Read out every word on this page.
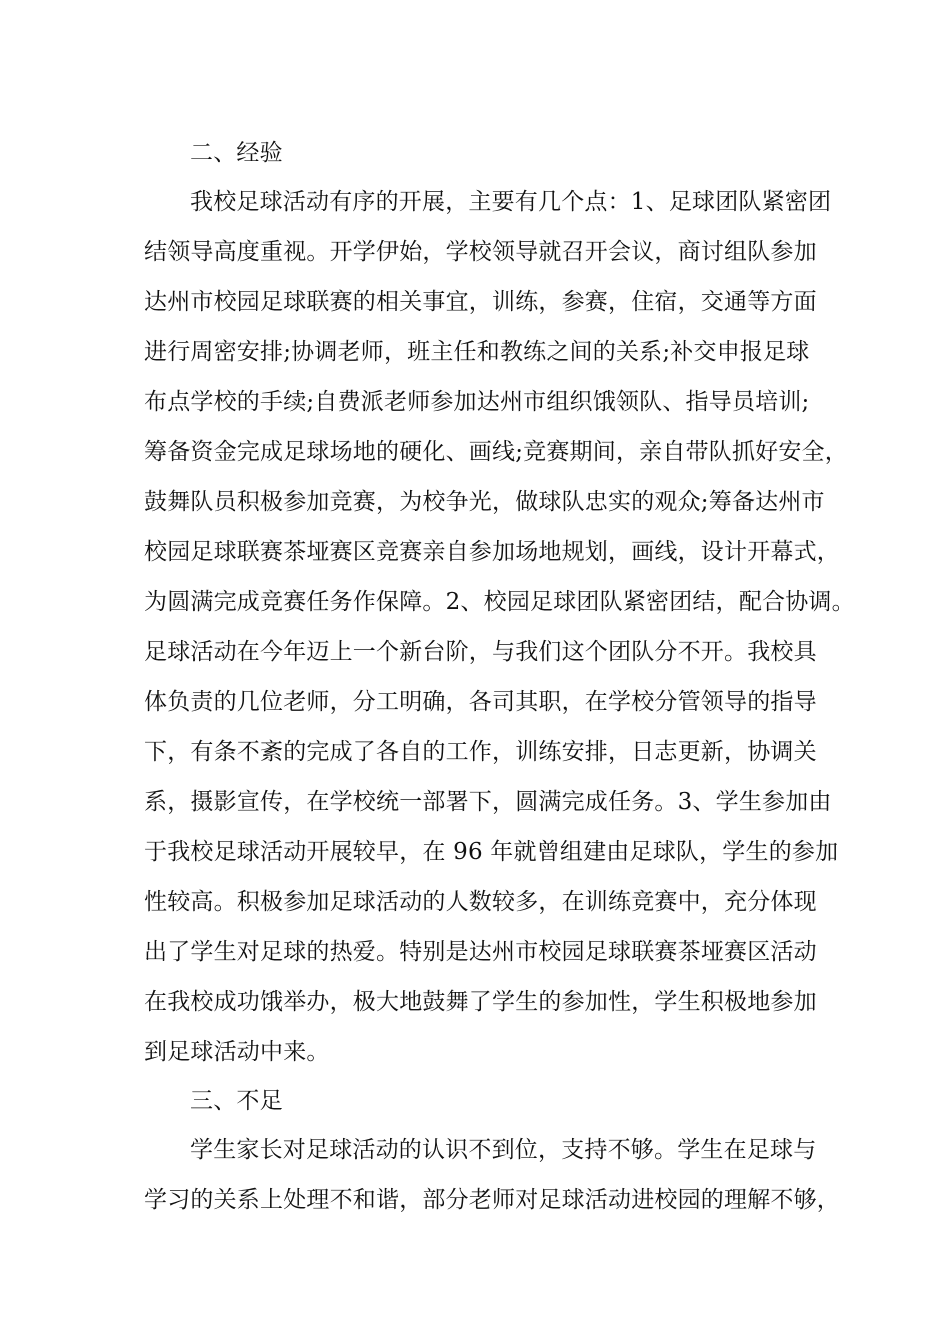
二、经验
我校足球活动有序的开展，主要有几个点：1、足球团队紧密团
结领导高度重视。开学伊始，学校领导就召开会议，商讨组队参加
达州市校园足球联赛的相关事宜，训练，参赛，住宿，交通等方面
进行周密安排;协调老师，班主任和教练之间的关系;补交申报足球
布点学校的手续;自费派老师参加达州市组织饿领队、指导员培训;
筹备资金完成足球场地的硬化、画线;竞赛期间，亲自带队抓好安全，
鼓舞队员积极参加竞赛，为校争光，做球队忠实的观众;筹备达州市
校园足球联赛茶垭赛区竞赛亲自参加场地规划，画线，设计开幕式，
为圆满完成竞赛任务作保障。2、校园足球团队紧密团结，配合协调。
足球活动在今年迈上一个新台阶，与我们这个团队分不开。我校具
体负责的几位老师，分工明确，各司其职，在学校分管领导的指导
下，有条不紊的完成了各自的工作，训练安排，日志更新，协调关
系，摄影宣传，在学校统一部署下，圆满完成任务。3、学生参加由
于我校足球活动开展较早，在 96 年就曾组建由足球队，学生的参加
性较高。积极参加足球活动的人数较多，在训练竞赛中，充分体现
出了学生对足球的热爱。特别是达州市校园足球联赛茶垭赛区活动
在我校成功饿举办，极大地鼓舞了学生的参加性，学生积极地参加
到足球活动中来。
三、不足
学生家长对足球活动的认识不到位，支持不够。学生在足球与
学习的关系上处理不和谐，部分老师对足球活动进校园的理解不够，
